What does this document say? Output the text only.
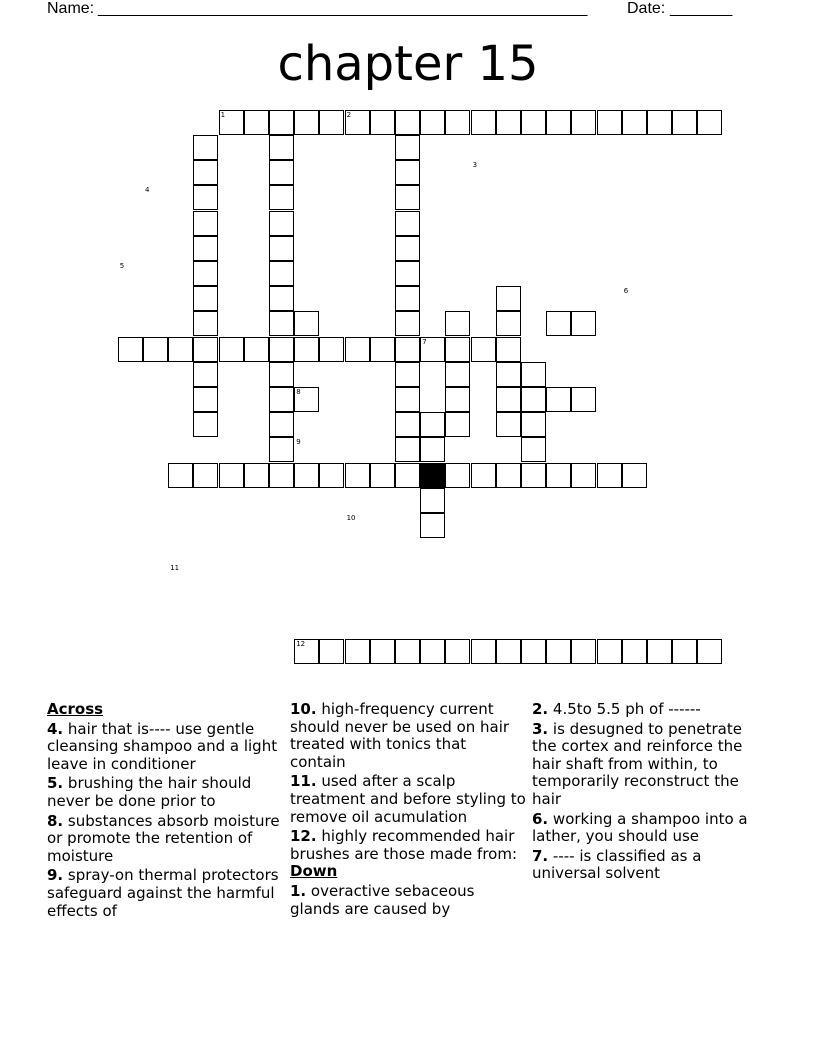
Name: _______________________________________________________ Date: _______
chapter 15
1	2
3
4
5
6
7
8
9
10
11
12
Across
4. hair that is---- use gentle cleansing shampoo and a light leave in conditioner
5. brushing the hair should never be done prior to
8. substances absorb moisture or promote the retention of moisture
9. spray-on thermal protectors safeguard against the harmful effects of
10. high-frequency current should never be used on hair treated with tonics that contain
11. used after a scalp treatment and before styling to remove oil acumulation
12. highly recommended hair brushes are those made from:
Down
1. overactive sebaceous glands are caused by
2. 4.5to 5.5 ph of ------
3. is desugned to penetrate the cortex and reinforce the hair shaft from within, to temporarily reconstruct the hair
6. working a shampoo into a lather, you should use
7. ---- is classified as a universal solvent
